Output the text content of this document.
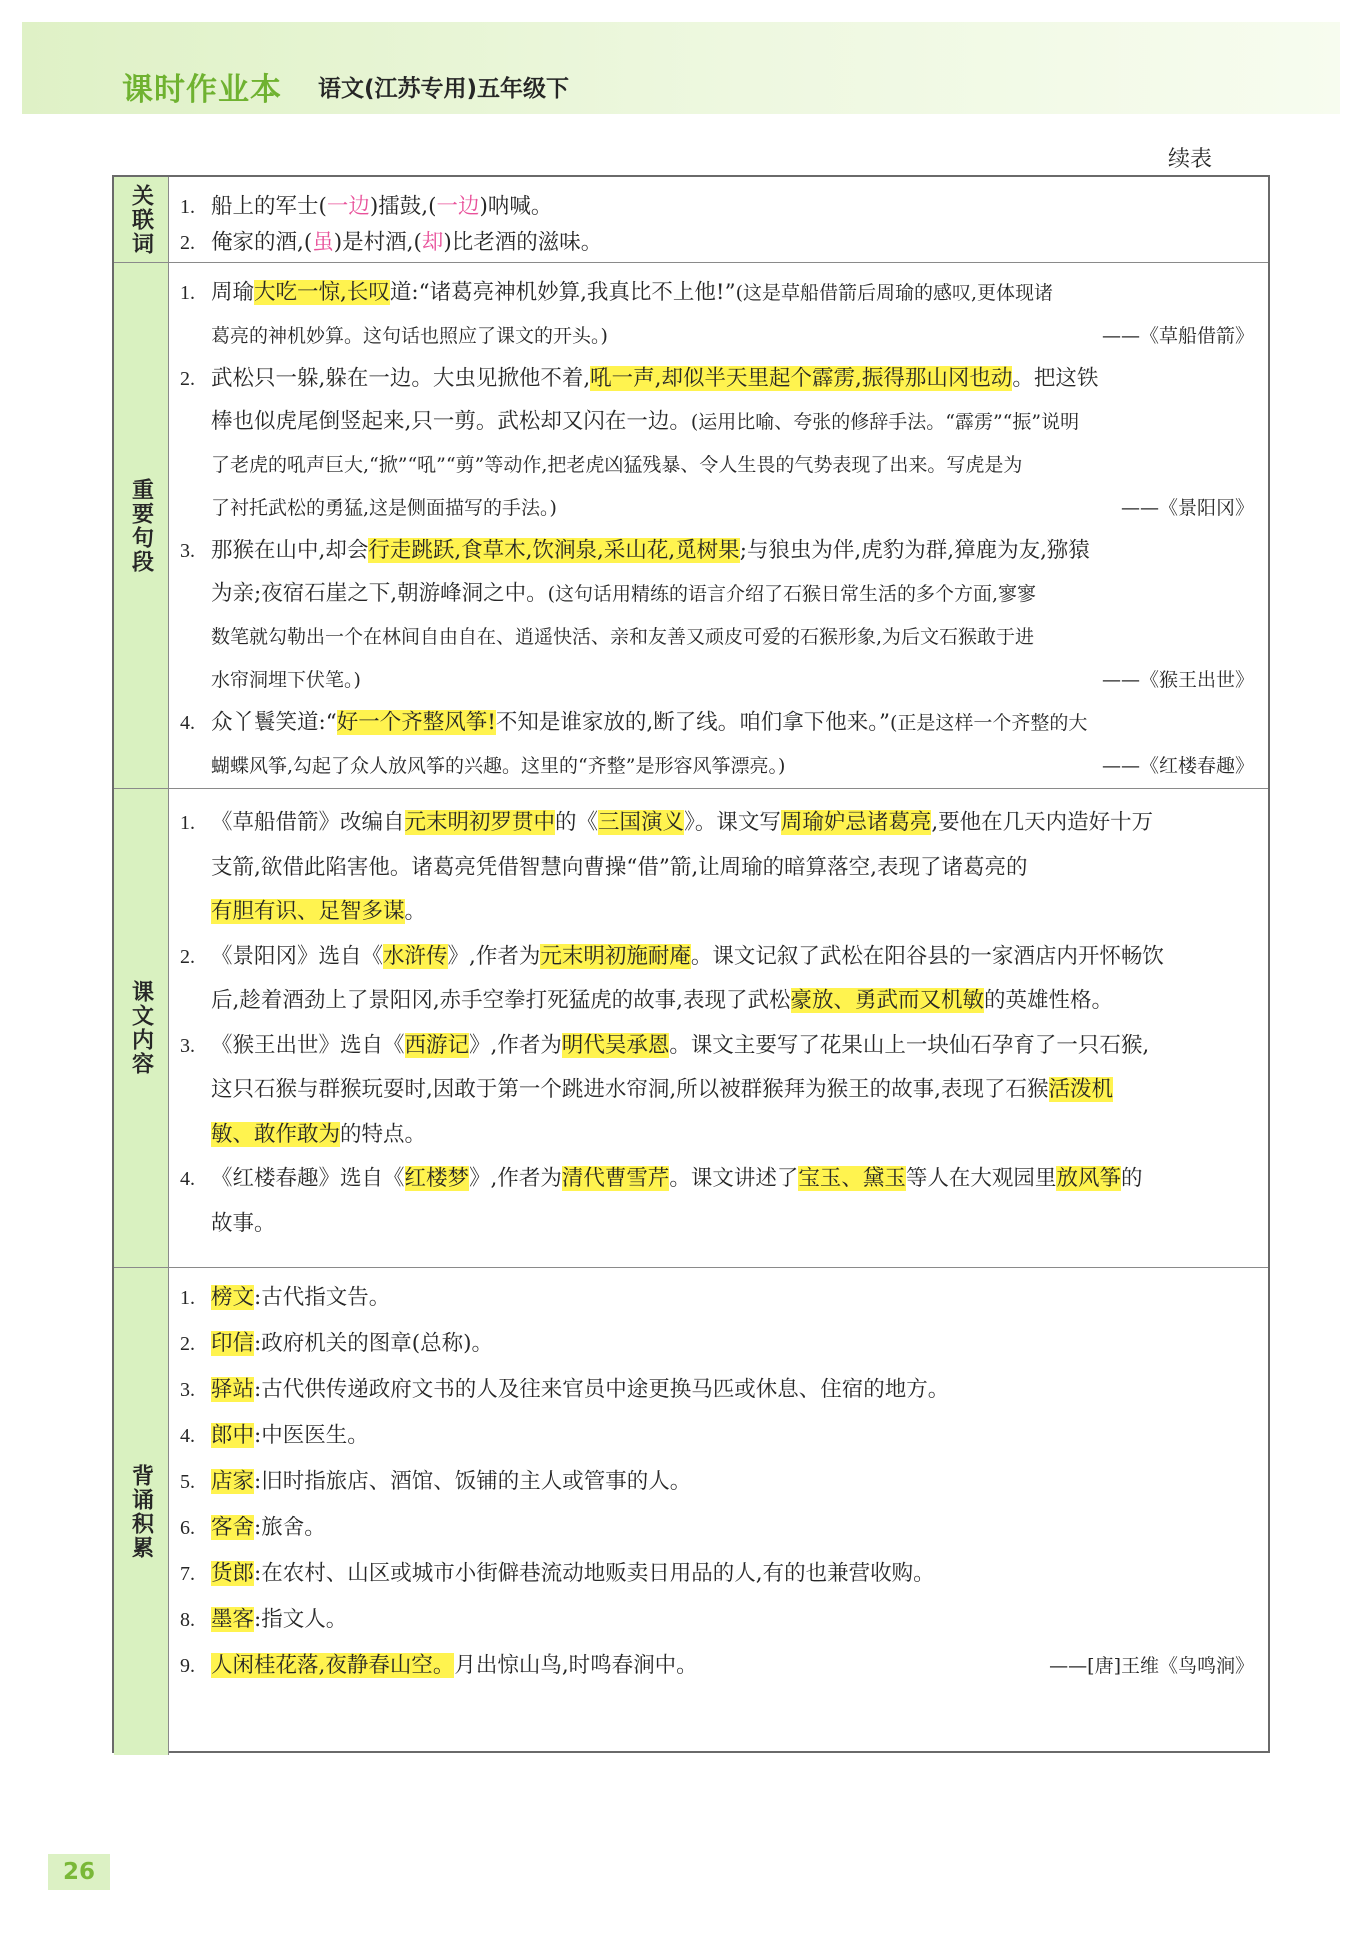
课时作业本 语文(江苏专用)五年级下
续表
关联词 1. 船上的军士(一边)擂鼓,(一边)呐喊。
2. 俺家的酒,(虽)是村酒,(却)比老酒的滋味。
重要句段
1. 周瑜大吃一惊,长叹道:“诸葛亮神机妙算,我真比不上他!”(这是草船借箭后周瑜的感叹,更体现诸
葛亮的神机妙算。这句话也照应了课文的开头。)	——《草船借箭》
2. 武松只一躲,躲在一边。大虫见掀他不着,吼一声,却似半天里起个霹雳,振得那山冈也动。把这铁
棒也似虎尾倒竖起来,只一剪。武松却又闪在一边。(运用比喻、夸张的修辞手法。“霹雳”“振”说明
了老虎的吼声巨大,“掀”“吼”“剪”等动作,把老虎凶猛残暴、令人生畏的气势表现了出来。写虎是为
了衬托武松的勇猛,这是侧面描写的手法。)	——《景阳冈》
3. 那猴在山中,却会行走跳跃,食草木,饮涧泉,采山花,觅树果;与狼虫为伴,虎豹为群,獐鹿为友,猕猿
为亲;夜宿石崖之下,朝游峰洞之中。(这句话用精练的语言介绍了石猴日常生活的多个方面,寥寥
数笔就勾勒出一个在林间自由自在、逍遥快活、亲和友善又顽皮可爱的石猴形象,为后文石猴敢于进
水帘洞埋下伏笔。)	——《猴王出世》
4. 众丫鬟笑道:“好一个齐整风筝!不知是谁家放的,断了线。咱们拿下他来。”(正是这样一个齐整的大
蝴蝶风筝,勾起了众人放风筝的兴趣。这里的“齐整”是形容风筝漂亮。)	——《红楼春趣》
课文内容
1. 《草船借箭》改编自元末明初罗贯中的《三国演义》。课文写周瑜妒忌诸葛亮,要他在几天内造好十万
支箭,欲借此陷害他。诸葛亮凭借智慧向曹操“借”箭,让周瑜的暗算落空,表现了诸葛亮的
有胆有识、足智多谋。
2. 《景阳冈》选自《水浒传》,作者为元末明初施耐庵。课文记叙了武松在阳谷县的一家酒店内开怀畅饮
后,趁着酒劲上了景阳冈,赤手空拳打死猛虎的故事,表现了武松豪放、勇武而又机敏的英雄性格。
3. 《猴王出世》选自《西游记》,作者为明代吴承恩。课文主要写了花果山上一块仙石孕育了一只石猴,
这只石猴与群猴玩耍时,因敢于第一个跳进水帘洞,所以被群猴拜为猴王的故事,表现了石猴活泼机
敏、敢作敢为的特点。
4. 《红楼春趣》选自《红楼梦》,作者为清代曹雪芹。课文讲述了宝玉、黛玉等人在大观园里放风筝的
故事。
背诵积累
1. 榜文:古代指文告。
2. 印信:政府机关的图章(总称)。
3. 驿站:古代供传递政府文书的人及往来官员中途更换马匹或休息、住宿的地方。
4. 郎中:中医医生。
5. 店家:旧时指旅店、酒馆、饭铺的主人或管事的人。
6. 客舍:旅舍。
7. 货郎:在农村、山区或城市小街僻巷流动地贩卖日用品的人,有的也兼营收购。
8. 墨客:指文人。
9. 人闲桂花落,夜静春山空。月出惊山鸟,时鸣春涧中。	——[唐]王维《鸟鸣涧》
26
